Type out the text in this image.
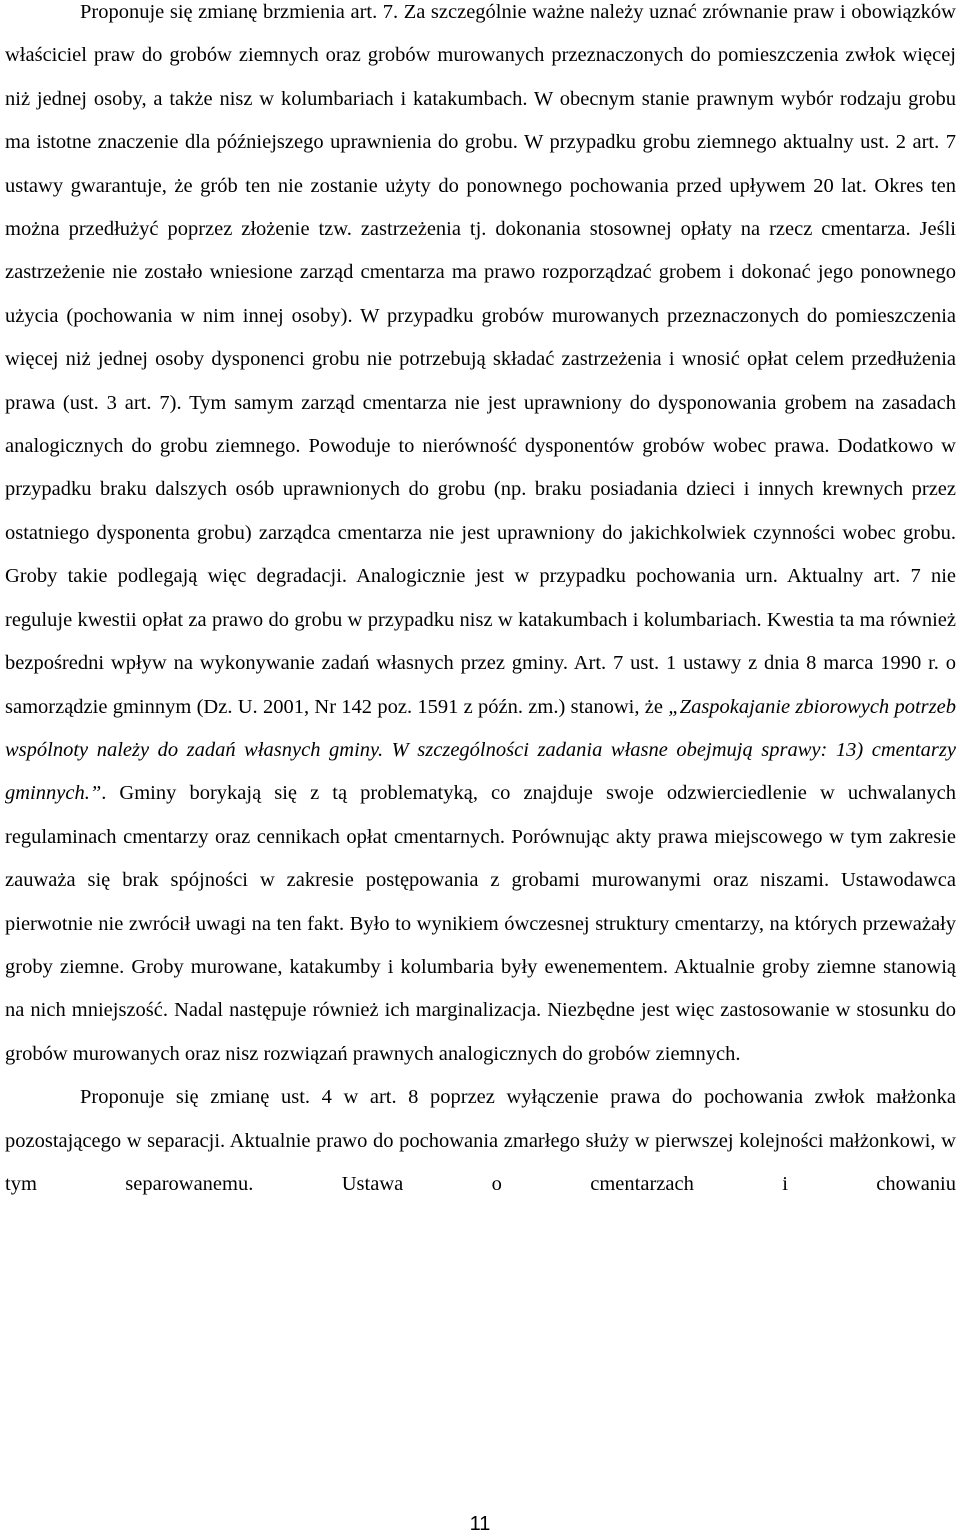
Proponuje się zmianę brzmienia art. 7. Za szczególnie ważne należy uznać zrównanie praw i obowiązków właściciel praw do grobów ziemnych oraz grobów murowanych przeznaczonych do pomieszczenia zwłok więcej niż jednej osoby, a także nisz w kolumbariach i katakumbach. W obecnym stanie prawnym wybór rodzaju grobu ma istotne znaczenie dla późniejszego uprawnienia do grobu. W przypadku grobu ziemnego aktualny ust. 2 art. 7 ustawy gwarantuje, że grób ten nie zostanie użyty do ponownego pochowania przed upływem 20 lat. Okres ten można przedłużyć poprzez złożenie tzw. zastrzeżenia tj. dokonania stosownej opłaty na rzecz cmentarza. Jeśli zastrzeżenie nie zostało wniesione zarząd cmentarza ma prawo rozporządzać grobem i dokonać jego ponownego użycia (pochowania w nim innej osoby). W przypadku grobów murowanych przeznaczonych do pomieszczenia więcej niż jednej osoby dysponenci grobu nie potrzebują składać zastrzeżenia i wnosić opłat celem przedłużenia prawa (ust. 3 art. 7). Tym samym zarząd cmentarza nie jest uprawniony do dysponowania grobem na zasadach analogicznych do grobu ziemnego. Powoduje to nierówność dysponentów grobów wobec prawa. Dodatkowo w przypadku braku dalszych osób uprawnionych do grobu (np. braku posiadania dzieci i innych krewnych przez ostatniego dysponenta grobu) zarządca cmentarza nie jest uprawniony do jakichkolwiek czynności wobec grobu. Groby takie podlegają więc degradacji. Analogicznie jest w przypadku pochowania urn. Aktualny art. 7 nie reguluje kwestii opłat za prawo do grobu w przypadku nisz w katakumbach i kolumbariach. Kwestia ta ma również bezpośredni wpływ na wykonywanie zadań własnych przez gminy. Art. 7 ust. 1 ustawy z dnia 8 marca 1990 r. o samorządzie gminnym (Dz. U. 2001, Nr 142 poz. 1591 z późn. zm.) stanowi, że „Zaspokajanie zbiorowych potrzeb wspólnoty należy do zadań własnych gminy. W szczególności zadania własne obejmują sprawy: 13) cmentarzy gminnych.”. Gminy borykają się z tą problematyką, co znajduje swoje odzwierciedlenie w uchwalanych regulaminach cmentarzy oraz cennikach opłat cmentarnych. Porównując akty prawa miejscowego w tym zakresie zauważa się brak spójności w zakresie postępowania z grobami murowanymi oraz niszami. Ustawodawca pierwotnie nie zwrócił uwagi na ten fakt. Było to wynikiem ówczesnej struktury cmentarzy, na których przeważały groby ziemne. Groby murowane, katakumby i kolumbaria były ewenementem. Aktualnie groby ziemne stanowią na nich mniejszość. Nadal następuje również ich marginalizacja. Niezbędne jest więc zastosowanie w stosunku do grobów murowanych oraz nisz rozwiązań prawnych analogicznych do grobów ziemnych.

Proponuje się zmianę ust. 4 w art. 8 poprzez wyłączenie prawa do pochowania zwłok małżonka pozostającego w separacji. Aktualnie prawo do pochowania zmarłego służy w pierwszej kolejności małżonkowi, w tym separowanemu. Ustawa o cmentarzach i chowaniu

11
